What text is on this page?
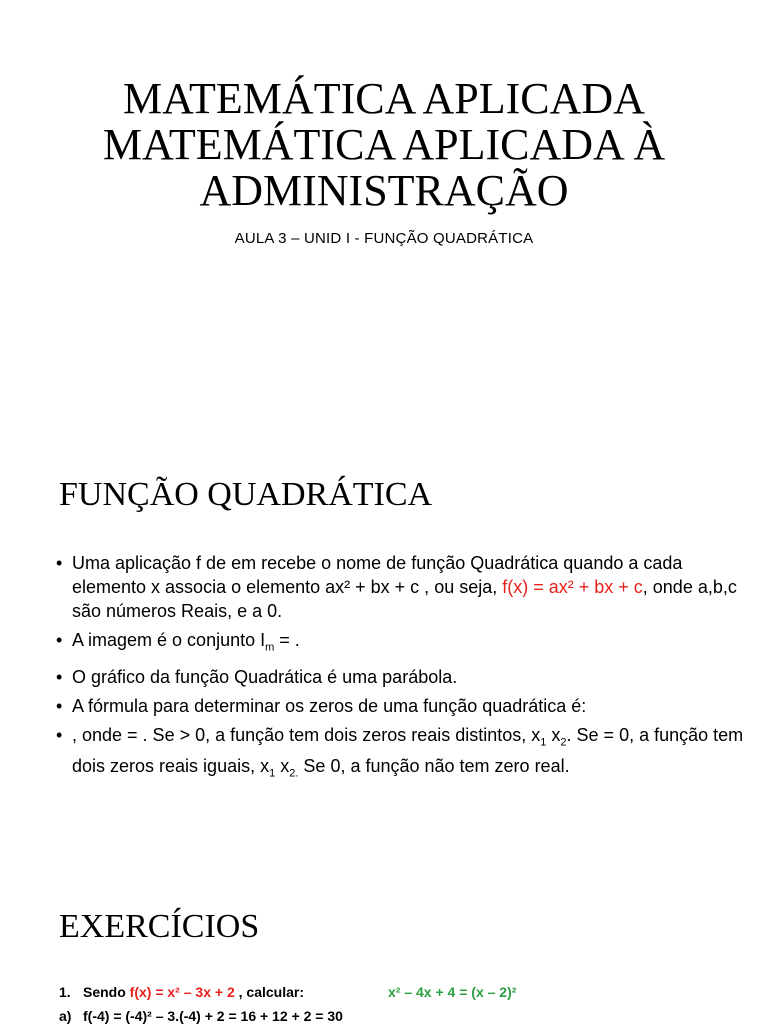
MATEMÁTICA APLICADA
MATEMÁTICA APLICADA À
ADMINISTRAÇÃO
AULA 3 – UNID I - FUNÇÃO QUADRÁTICA
FUNÇÃO QUADRÁTICA
• Uma aplicação f de em recebe o nome de função Quadrática quando a cada elemento x associa o elemento ax² + bx + c , ou seja, f(x) = ax² + bx + c, onde a,b,c são números Reais, e a 0.
• A imagem é o conjunto $I_m$ = .
• O gráfico da função Quadrática é uma parábola.
• A fórmula para determinar os zeros de uma função quadrática é:
• , onde = . Se > 0, a função tem dois zeros reais distintos, $x_1$ $x_2$. Se = 0, a função tem dois zeros reais iguais, $x_1$ $x_{2.}$ Se 0, a função não tem zero real.
EXERCÍCIOS
1. Sendo f(x) = x² – 3x + 2 , calcular:	x² – 4x + 4 = (x – 2)²
a) f(-4) = (-4)² – 3.(-4) + 2 = 16 + 12 + 2 = 30
